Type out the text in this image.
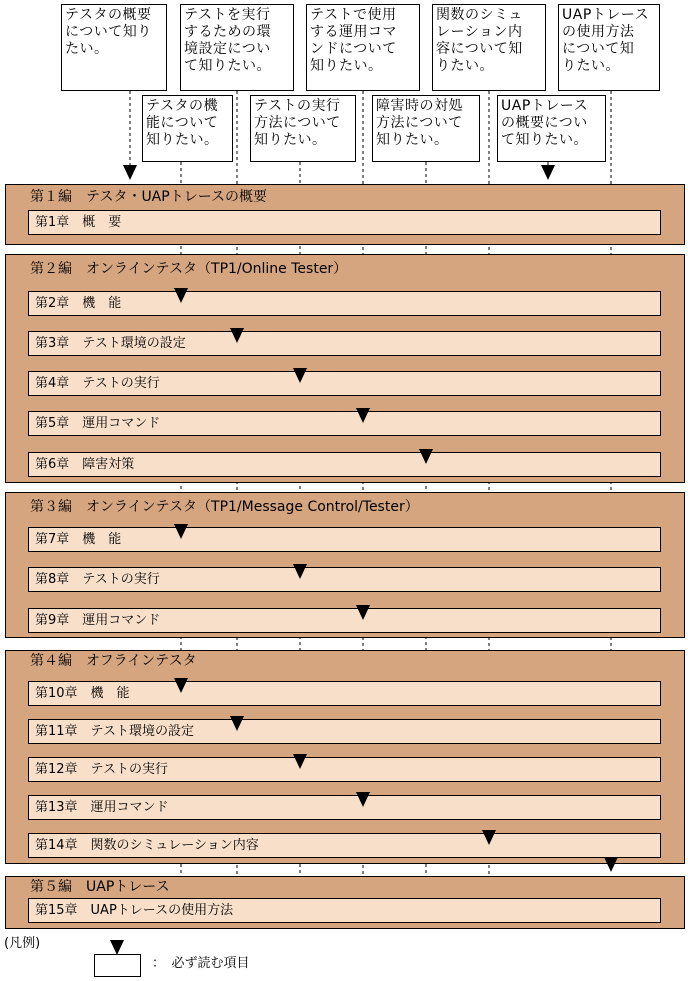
テスタの概要
について知り
たい。
テスタの機
能について
知りたい。
テストを実行
するための環
境設定につい
て知りたい。
テストの実行
方法について
知りたい。
テストで使用
する運用コマ
ンドについて
知りたい。
障害時の対処
方法について
知りたい。
関数のシミュ
レーション内
容について知
りたい。
UAPトレース
の概要につい
て知りたい。
UAPトレース
の使用方法
について知
りたい。
第１編　テスタ・UAPトレースの概要
第1章　概　要
第２編　オンラインテスタ（TP1/Online Tester）
第2章　機　能
第3章　テスト環境の設定
第4章　テストの実行
第5章　運用コマンド
第6章　障害対策
第３編　オンラインテスタ（TP1/Message Control/Tester）
第7章　機　能
第8章　テストの実行
第9章　運用コマンド
第４編　オフラインテスタ
第10章　機　能
第11章　テスト環境の設定
第12章　テストの実行
第13章　運用コマンド
第14章　関数のシミュレーション内容
第５編　UAPトレース
第15章　UAPトレースの使用方法
(凡例)
：　必ず読む項目
